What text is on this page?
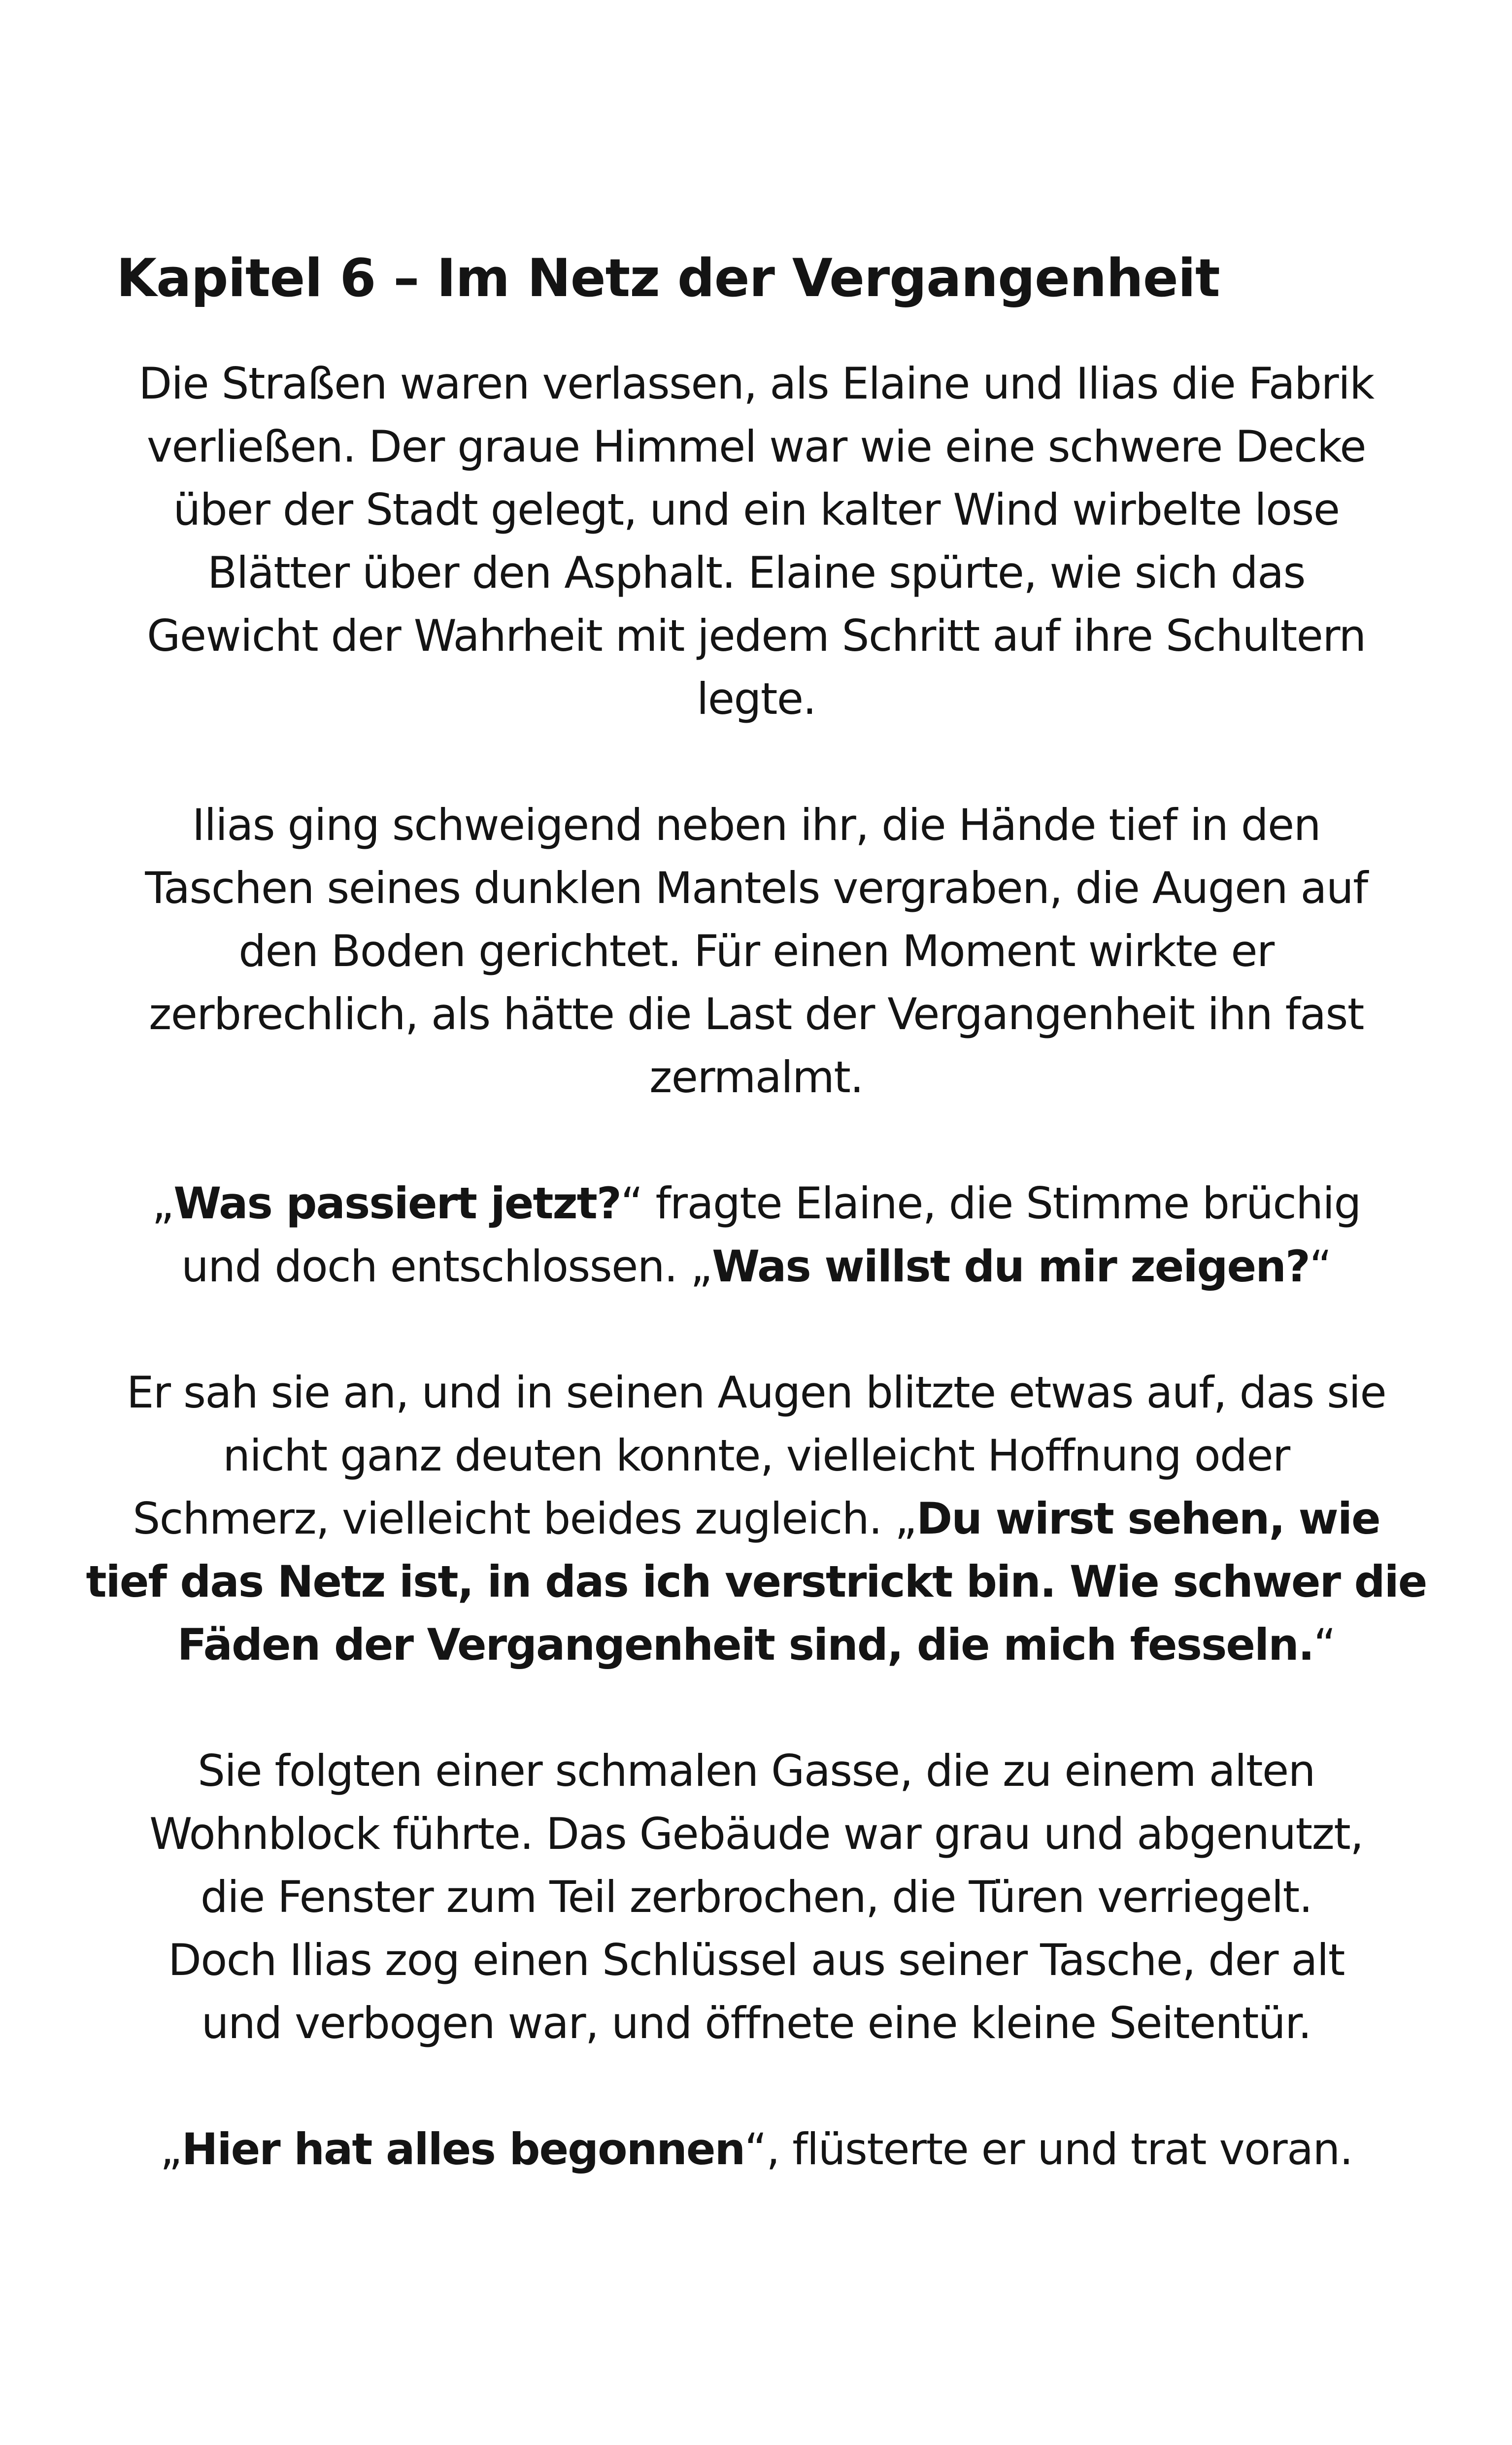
Kapitel 6 – Im Netz der Vergangenheit

Die Straßen waren verlassen, als Elaine und Ilias die Fabrik
verließen. Der graue Himmel war wie eine schwere Decke
über der Stadt gelegt, und ein kalter Wind wirbelte lose
Blätter über den Asphalt. Elaine spürte, wie sich das
Gewicht der Wahrheit mit jedem Schritt auf ihre Schultern
legte.

Ilias ging schweigend neben ihr, die Hände tief in den
Taschen seines dunklen Mantels vergraben, die Augen auf
den Boden gerichtet. Für einen Moment wirkte er
zerbrechlich, als hätte die Last der Vergangenheit ihn fast
zermalmt.

„Was passiert jetzt?“ fragte Elaine, die Stimme brüchig
und doch entschlossen. „Was willst du mir zeigen?“

Er sah sie an, und in seinen Augen blitzte etwas auf, das sie
nicht ganz deuten konnte, vielleicht Hoffnung oder
Schmerz, vielleicht beides zugleich. „Du wirst sehen, wie
tief das Netz ist, in das ich verstrickt bin. Wie schwer die
Fäden der Vergangenheit sind, die mich fesseln.“

Sie folgten einer schmalen Gasse, die zu einem alten
Wohnblock führte. Das Gebäude war grau und abgenutzt,
die Fenster zum Teil zerbrochen, die Türen verriegelt.
Doch Ilias zog einen Schlüssel aus seiner Tasche, der alt
und verbogen war, und öffnete eine kleine Seitentür.

„Hier hat alles begonnen“, flüsterte er und trat voran.
